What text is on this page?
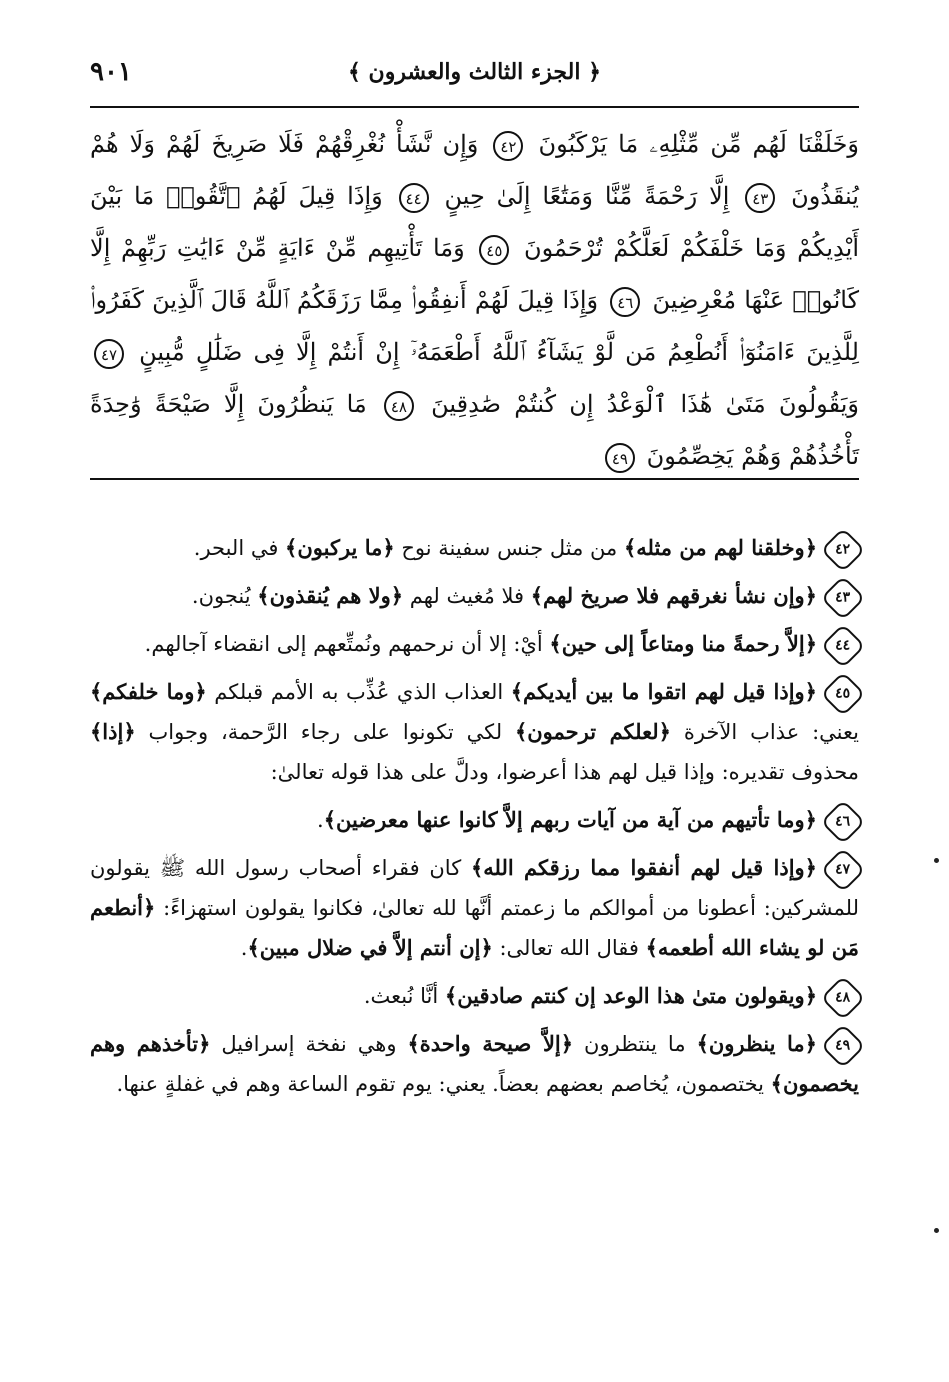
﴿ الجزء الثالث والعشرون ﴾
٩٠١
وَخَلَقْنَا لَهُم مِّن مِّثْلِهِۦ مَا يَرْكَبُونَ ٤٢ وَإِن نَّشَأْ نُغْرِقْهُمْ فَلَا صَرِيخَ لَهُمْ وَلَا هُمْ يُنقَذُونَ ٤٣ إِلَّا رَحْمَةً مِّنَّا وَمَتَٰعًا إِلَىٰ حِينٍ ٤٤ وَإِذَا قِيلَ لَهُمُ ٱتَّقُوا۟ مَا بَيْنَ أَيْدِيكُمْ وَمَا خَلْفَكُمْ لَعَلَّكُمْ تُرْحَمُونَ ٤٥ وَمَا تَأْتِيهِم مِّنْ ءَايَةٍ مِّنْ ءَايَٰتِ رَبِّهِمْ إِلَّا كَانُوا۟ عَنْهَا مُعْرِضِينَ ٤٦ وَإِذَا قِيلَ لَهُمْ أَنفِقُوا۟ مِمَّا رَزَقَكُمُ ٱللَّهُ قَالَ ٱلَّذِينَ كَفَرُوا۟ لِلَّذِينَ ءَامَنُوٓا۟ أَنُطْعِمُ مَن لَّوْ يَشَآءُ ٱللَّهُ أَطْعَمَهُۥٓ إِنْ أَنتُمْ إِلَّا فِى ضَلَٰلٍ مُّبِينٍ ٤٧ وَيَقُولُونَ مَتَىٰ هَٰذَا ٱلْوَعْدُ إِن كُنتُمْ صَٰدِقِينَ ٤٨ مَا يَنظُرُونَ إِلَّا صَيْحَةً وَٰحِدَةً تَأْخُذُهُمْ وَهُمْ يَخِصِّمُونَ ٤٩

٤٢﴿وخلقنا لهم من مثله﴾ من مثل جنس سفينة نوح ﴿ما يركبون﴾ في البحر.

٤٣﴿وإن نشأ نغرقهم فلا صريخ لهم﴾ فلا مُغيث لهم ﴿ولا هم يُنقذون﴾ يُنجون.

٤٤﴿إلاَّ رحمةً منا ومتاعاً إلى حين﴾ أيْ: إلا أن نرحمهم ونُمتِّعهم إلى انقضاء آجالهم.

٤٥﴿وإذا قيل لهم اتقوا ما بين أيديكم﴾ العذاب الذي عُذِّب به الأمم قبلكم ﴿وما خلفكم﴾ يعني: عذاب الآخرة ﴿لعلكم ترحمون﴾ لكي تكونوا على رجاء الرَّحمة، وجواب ﴿إذا﴾ محذوف تقديره: وإذا قيل لهم هذا أعرضوا، ودلَّ على هذا قوله تعالىٰ:

٤٦﴿وما تأتيهم من آية من آيات ربهم إلاَّ كانوا عنها معرضين﴾.

٤٧﴿وإذا قيل لهم أنفقوا مما رزقكم الله﴾ كان فقراء أصحاب رسول الله ﷺ يقولون للمشركين: أعطونا من أموالكم ما زعمتم أنَّها لله تعالىٰ، فكانوا يقولون استهزاءً: ﴿أنطعم مَن لو يشاء الله أطعمه﴾ فقال الله تعالى: ﴿إن أنتم إلاَّ في ضلال مبين﴾.

٤٨﴿ويقولون متىٰ هذا الوعد إن كنتم صادقين﴾ أنَّا نُبعث.

٤٩﴿ما ينظرون﴾ ما ينتظرون ﴿إلاَّ صيحة واحدة﴾ وهي نفخة إسرافيل ﴿تأخذهم وهم يخصمون﴾ يختصمون، يُخاصم بعضهم بعضاً. يعني: يوم تقوم الساعة وهم في غفلةٍ عنها.
